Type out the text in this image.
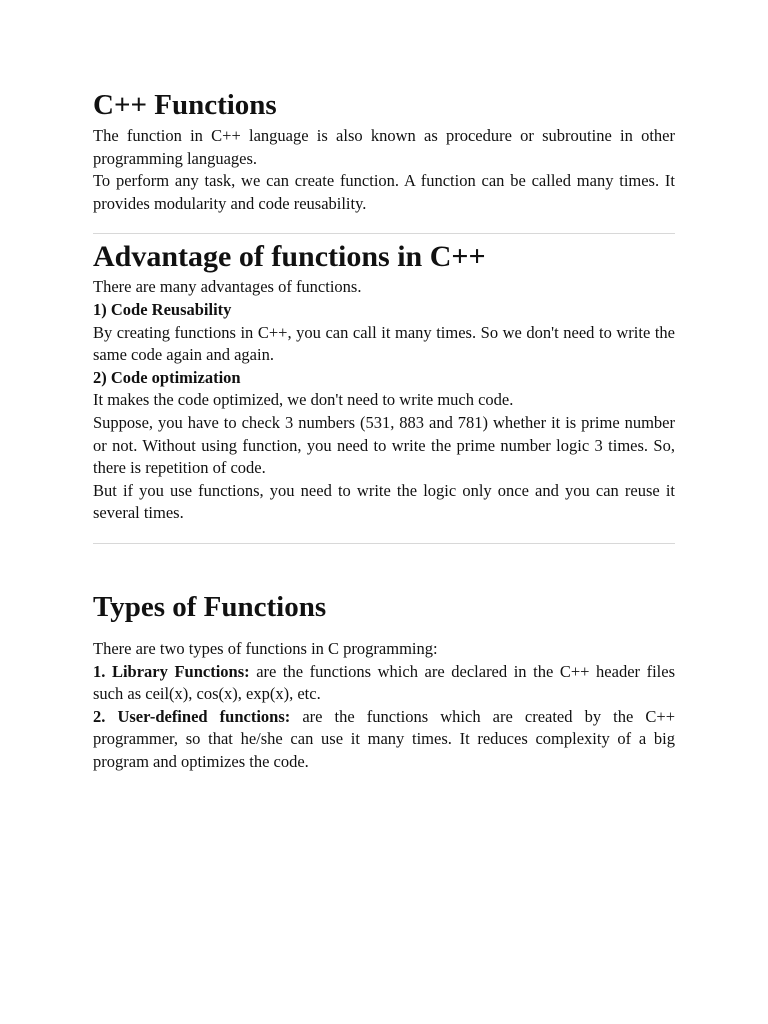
C++ Functions

The function in C++ language is also known as procedure or subroutine in other programming languages.

To perform any task, we can create function. A function can be called many times. It provides modularity and code reusability.

Advantage of functions in C++

There are many advantages of functions.

1) Code Reusability

By creating functions in C++, you can call it many times. So we don't need to write the same code again and again.

2) Code optimization

It makes the code optimized, we don't need to write much code.

Suppose, you have to check 3 numbers (531, 883 and 781) whether it is prime number or not. Without using function, you need to write the prime number logic 3 times. So, there is repetition of code.

But if you use functions, you need to write the logic only once and you can reuse it several times.

Types of Functions

There are two types of functions in C programming:

1. Library Functions: are the functions which are declared in the C++ header files such as ceil(x), cos(x), exp(x), etc.

2. User-defined functions: are the functions which are created by the C++ programmer, so that he/she can use it many times. It reduces complexity of a big program and optimizes the code.
